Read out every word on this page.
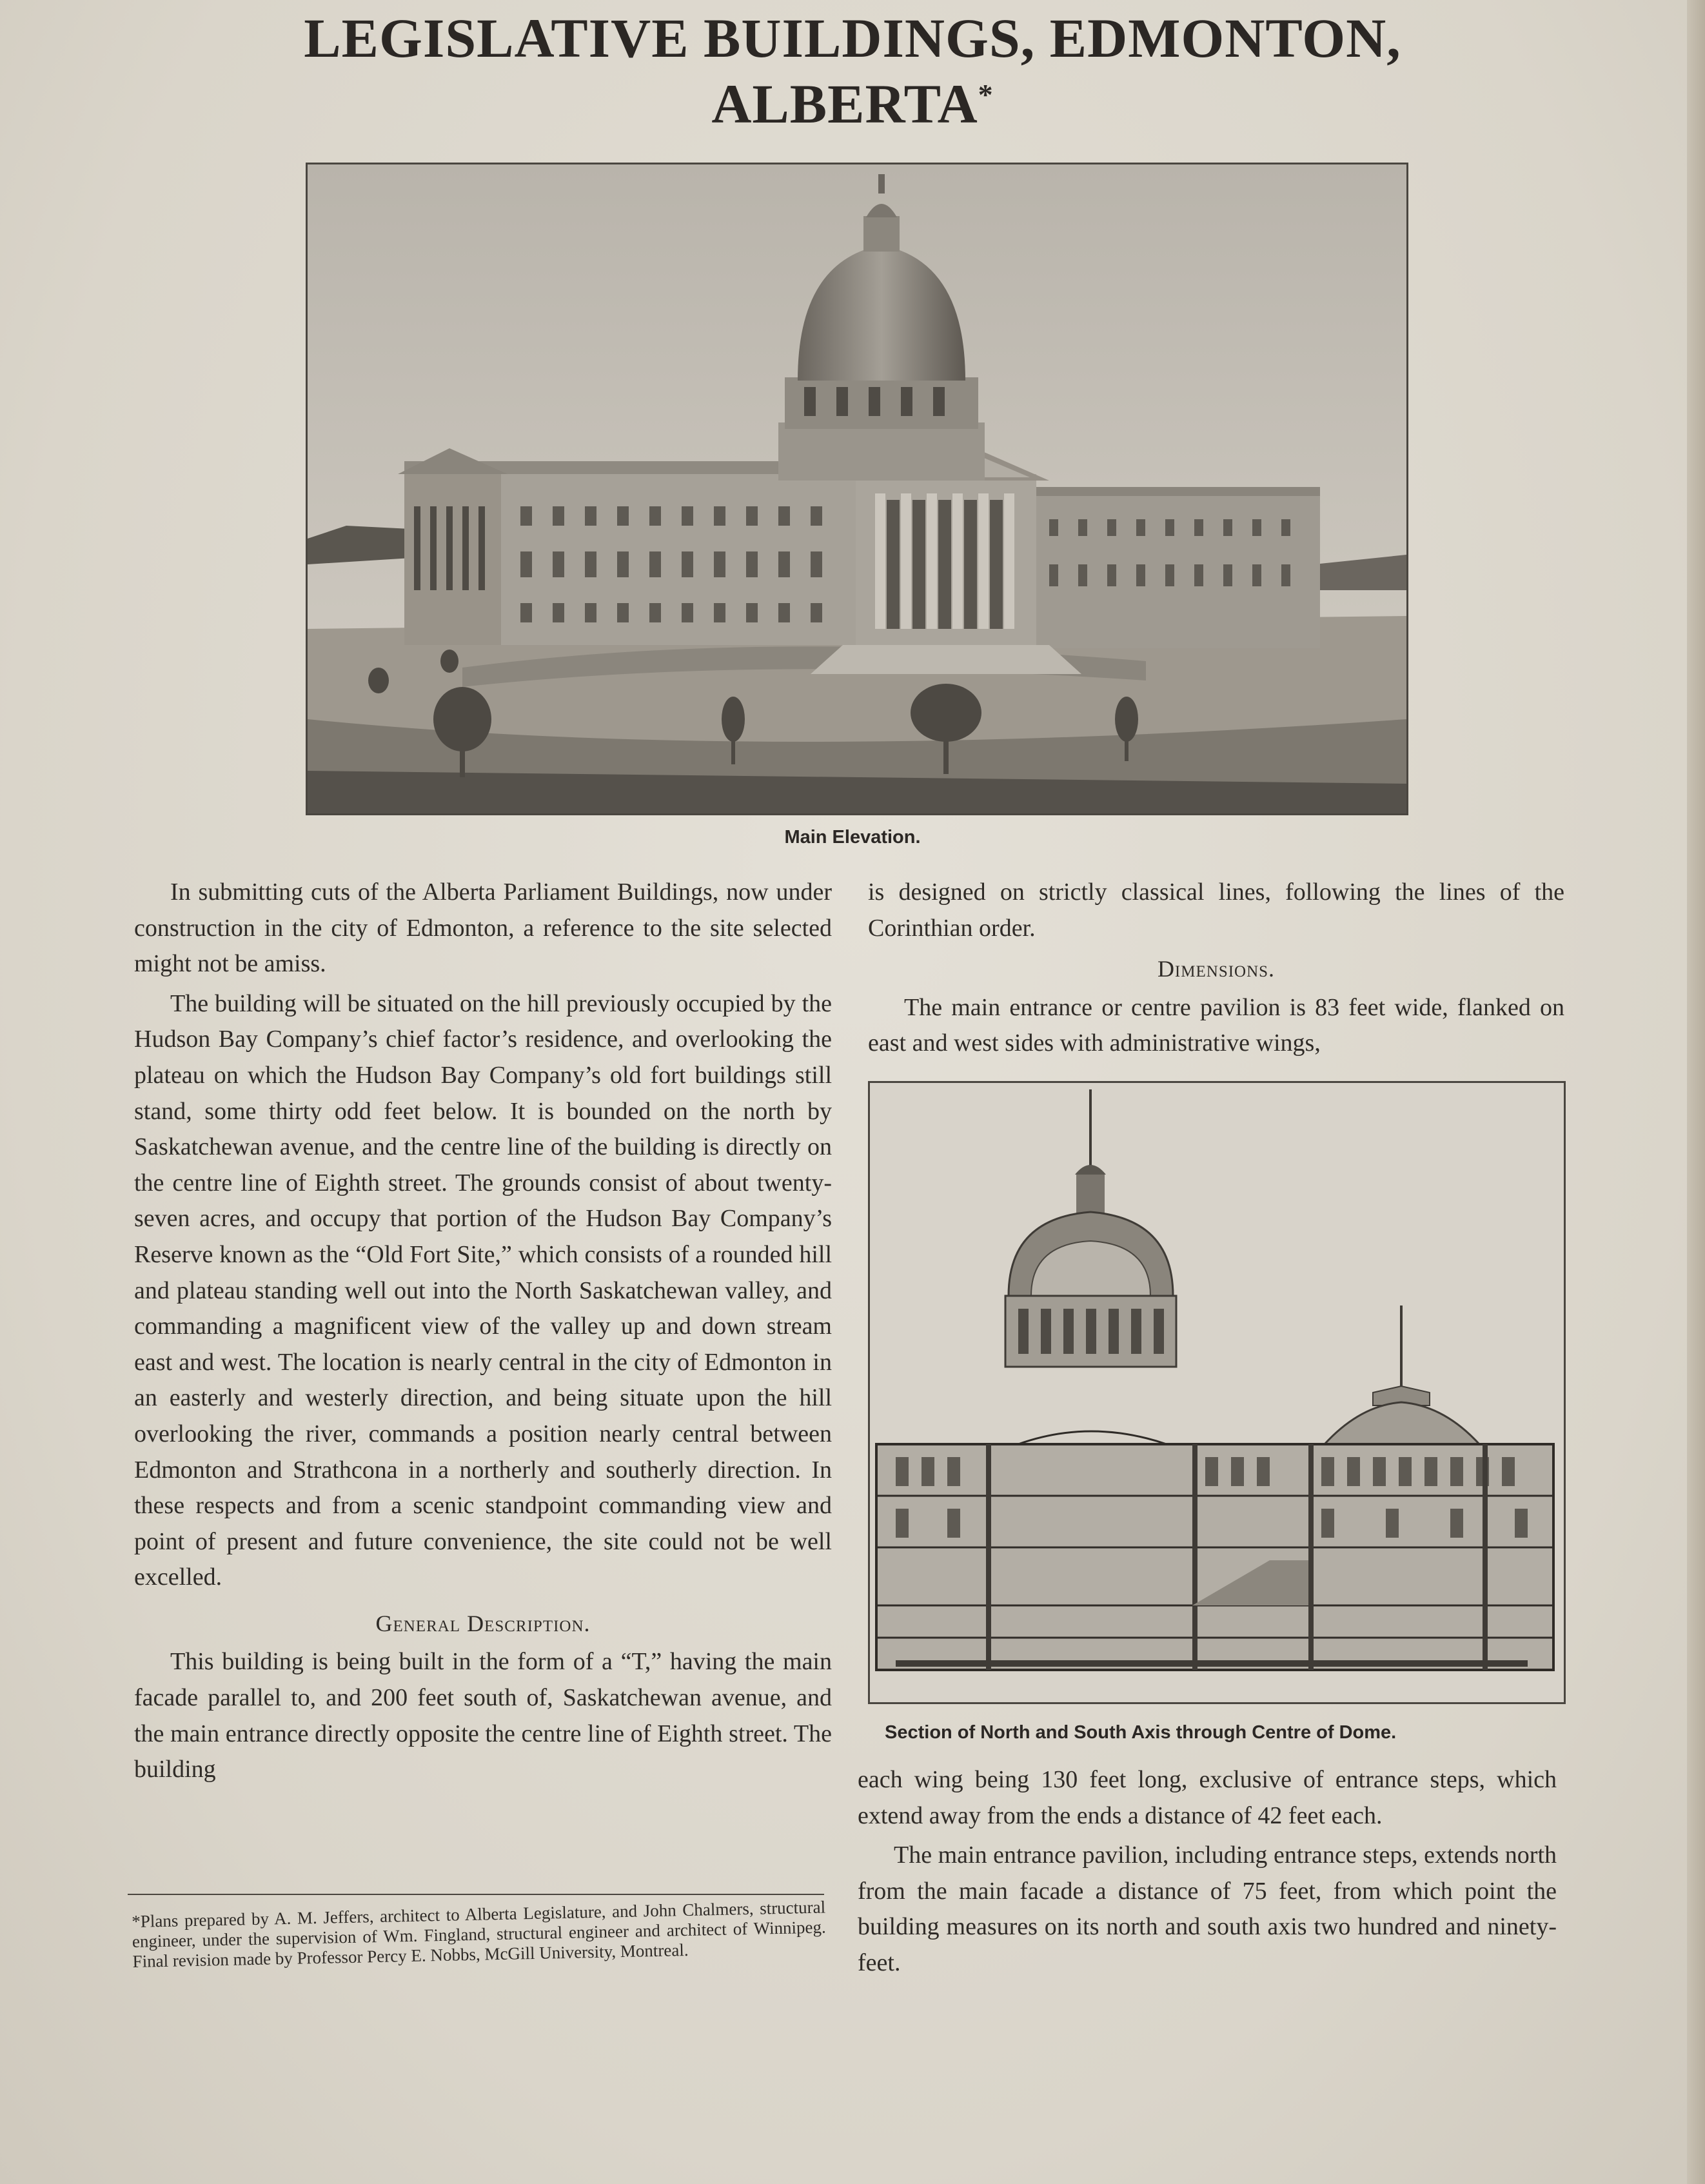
LEGISLATIVE BUILDINGS, EDMONTON,
ALBERTA*
Main Elevation.

In submitting cuts of the Alberta Parliament Buildings, now under construction in the city of Edmonton, a reference to the site selected might not be amiss.

The building will be situated on the hill previously occupied by the Hudson Bay Company’s chief factor’s residence, and overlooking the plateau on which the Hudson Bay Company’s old fort buildings still stand, some thirty odd feet below. It is bounded on the north by Saskatchewan avenue, and the centre line of the building is directly on the centre line of Eighth street. The grounds consist of about twenty-seven acres, and occupy that portion of the Hudson Bay Company’s Reserve known as the “Old Fort Site,” which consists of a rounded hill and plateau standing well out into the North Saskatchewan valley, and commanding a magnificent view of the valley up and down stream east and west. The location is nearly central in the city of Edmonton in an easterly and westerly direction, and being situate upon the hill overlooking the river, commands a position nearly central between Edmonton and Strathcona in a northerly and southerly direction. In these respects and from a scenic standpoint commanding view and point of present and future convenience, the site could not be well excelled.

General Description.

This building is being built in the form of a “T,” having the main facade parallel to, and 200 feet south of, Saskatchewan avenue, and the main entrance directly opposite the centre line of Eighth street. The building

is designed on strictly classical lines, following the lines of the Corinthian order.

Dimensions.

The main entrance or centre pavilion is 83 feet wide, flanked on east and west sides with administrative wings,

Section of North and South Axis through Centre of Dome.

each wing being 130 feet long, exclusive of entrance steps, which extend away from the ends a distance of 42 feet each.

The main entrance pavilion, including entrance steps, extends north from the main facade a distance of 75 feet, from which point the building measures on its north and south axis two hundred and ninety-feet.

*Plans prepared by A. M. Jeffers, architect to Alberta Legislature, and John Chalmers, structural engineer, under the supervision of Wm. Fingland, structural engineer and architect of Winnipeg. Final revision made by Professor Percy E. Nobbs, McGill University, Montreal.
